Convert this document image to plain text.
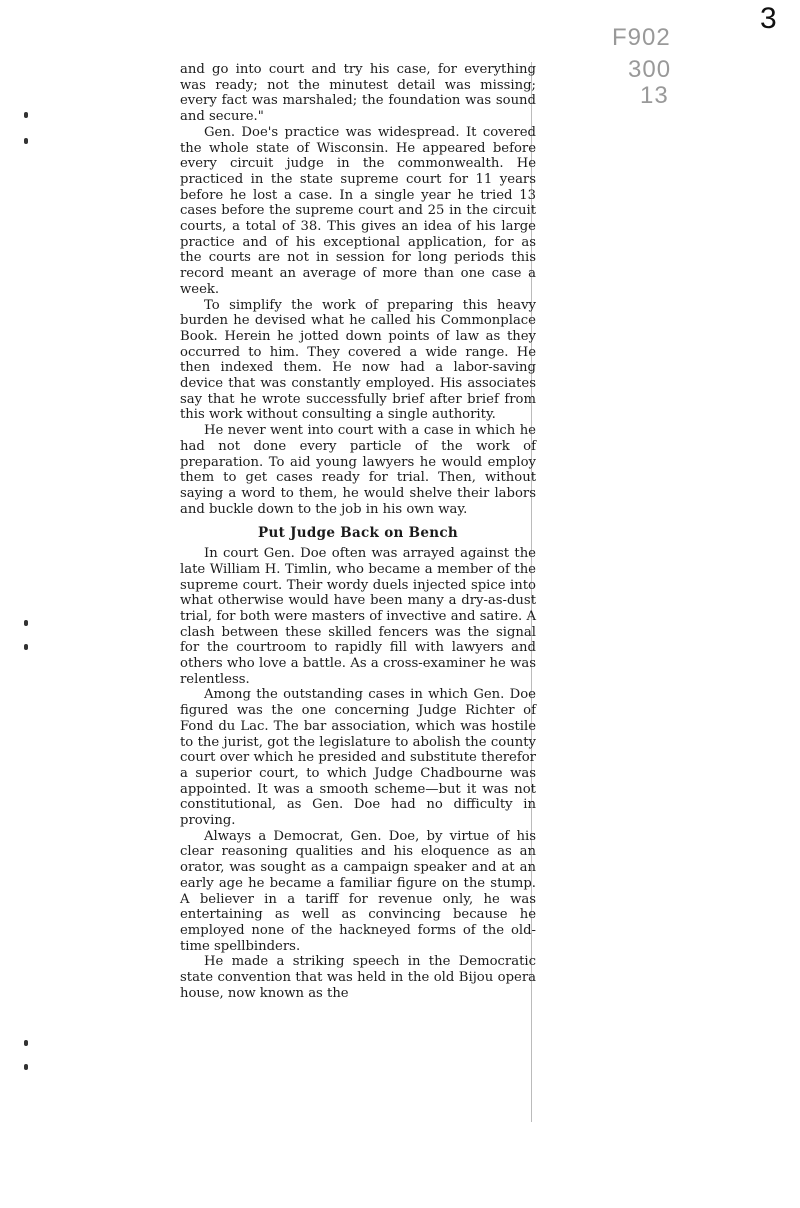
3
F902
300
13

and go into court and try his case, for everything was ready; not the minutest detail was missing; every fact was marshaled; the foundation was sound and secure."

Gen. Doe's practice was widespread. It covered the whole state of Wisconsin. He appeared before every circuit judge in the commonwealth. He practiced in the state supreme court for 11 years before he lost a case. In a single year he tried 13 cases before the supreme court and 25 in the circuit courts, a total of 38. This gives an idea of his large practice and of his exceptional application, for as the courts are not in session for long periods this record meant an average of more than one case a week.

To simplify the work of preparing this heavy burden he devised what he called his Commonplace Book. Herein he jotted down points of law as they occurred to him. They covered a wide range. He then indexed them. He now had a labor-saving device that was constantly employed. His associates say that he wrote successfully brief after brief from this work without consulting a single authority.

He never went into court with a case in which he had not done every particle of the work of preparation. To aid young lawyers he would employ them to get cases ready for trial. Then, without saying a word to them, he would shelve their labors and buckle down to the job in his own way.

Put Judge Back on Bench

In court Gen. Doe often was arrayed against the late William H. Timlin, who became a member of the supreme court. Their wordy duels injected spice into what otherwise would have been many a dry-as-dust trial, for both were masters of invective and satire. A clash between these skilled fencers was the signal for the courtroom to rapidly fill with lawyers and others who love a battle. As a cross-examiner he was relentless.

Among the outstanding cases in which Gen. Doe figured was the one concerning Judge Richter of Fond du Lac. The bar association, which was hostile to the jurist, got the legislature to abolish the county court over which he presided and substitute therefor a superior court, to which Judge Chadbourne was appointed. It was a smooth scheme—but it was not constitutional, as Gen. Doe had no difficulty in proving.

Always a Democrat, Gen. Doe, by virtue of his clear reasoning qualities and his eloquence as an orator, was sought as a campaign speaker and at an early age he became a familiar figure on the stump. A believer in a tariff for revenue only, he was entertaining as well as convincing because he employed none of the hackneyed forms of the old-time spellbinders.

He made a striking speech in the Democratic state convention that was held in the old Bijou opera house, now known as the
